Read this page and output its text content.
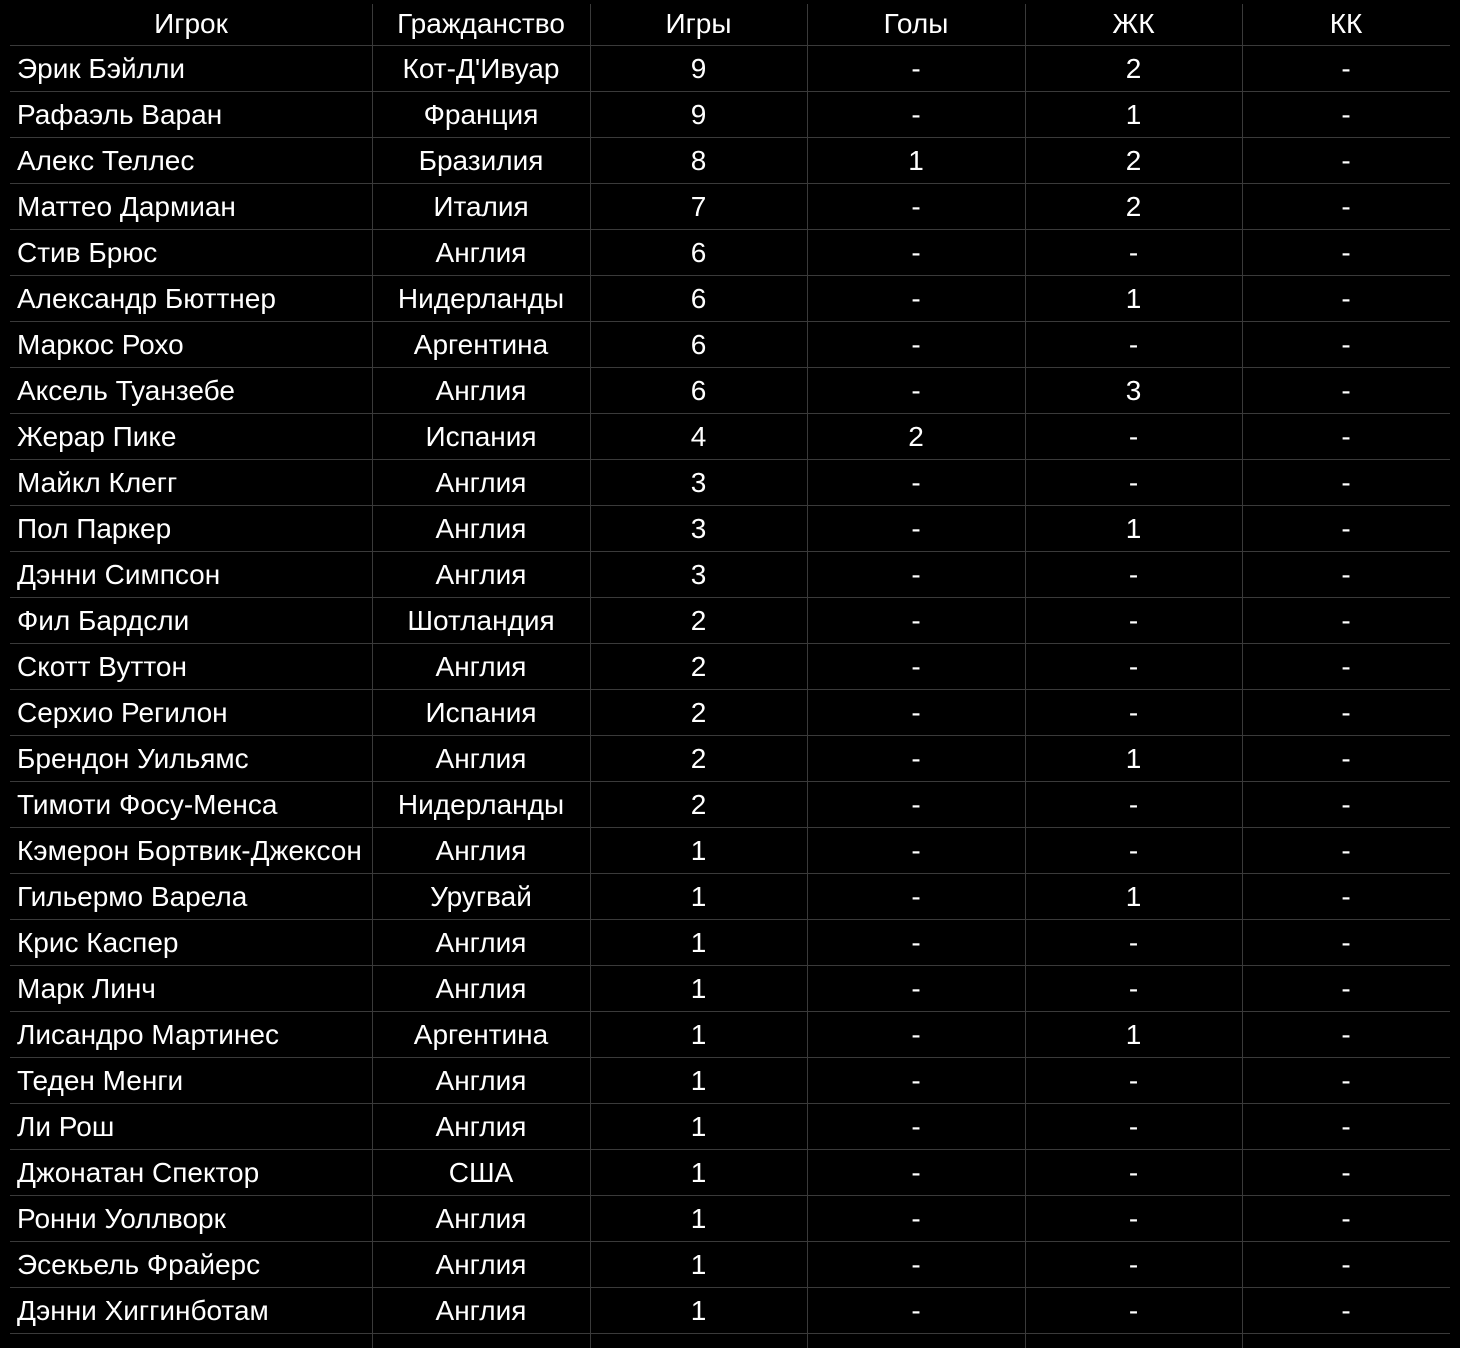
Игрок	Гражданство	Игры	Голы	ЖК	КК
Эрик Бэйлли	Кот-Д'Ивуар	9	-	2	-
Рафаэль Варан	Франция	9	-	1	-
Алекс Теллес	Бразилия	8	1	2	-
Маттео Дармиан	Италия	7	-	2	-
Стив Брюс	Англия	6	-	-	-
Александр Бюттнер	Нидерланды	6	-	1	-
Маркос Рохо	Аргентина	6	-	-	-
Аксель Туанзебе	Англия	6	-	3	-
Жерар Пике	Испания	4	2	-	-
Майкл Клегг	Англия	3	-	-	-
Пол Паркер	Англия	3	-	1	-
Дэнни Симпсон	Англия	3	-	-	-
Фил Бардсли	Шотландия	2	-	-	-
Скотт Вуттон	Англия	2	-	-	-
Серхио Регилон	Испания	2	-	-	-
Брендон Уильямс	Англия	2	-	1	-
Тимоти Фосу-Менса	Нидерланды	2	-	-	-
Кэмерон Бортвик-Джексон	Англия	1	-	-	-
Гильермо Варела	Уругвай	1	-	1	-
Крис Каспер	Англия	1	-	-	-
Марк Линч	Англия	1	-	-	-
Лисандро Мартинес	Аргентина	1	-	1	-
Теден Менги	Англия	1	-	-	-
Ли Рош	Англия	1	-	-	-
Джонатан Спектор	США	1	-	-	-
Ронни Уоллворк	Англия	1	-	-	-
Эсекьель Фрайерс	Англия	1	-	-	-
Дэнни Хиггинботам	Англия	1	-	-	-
